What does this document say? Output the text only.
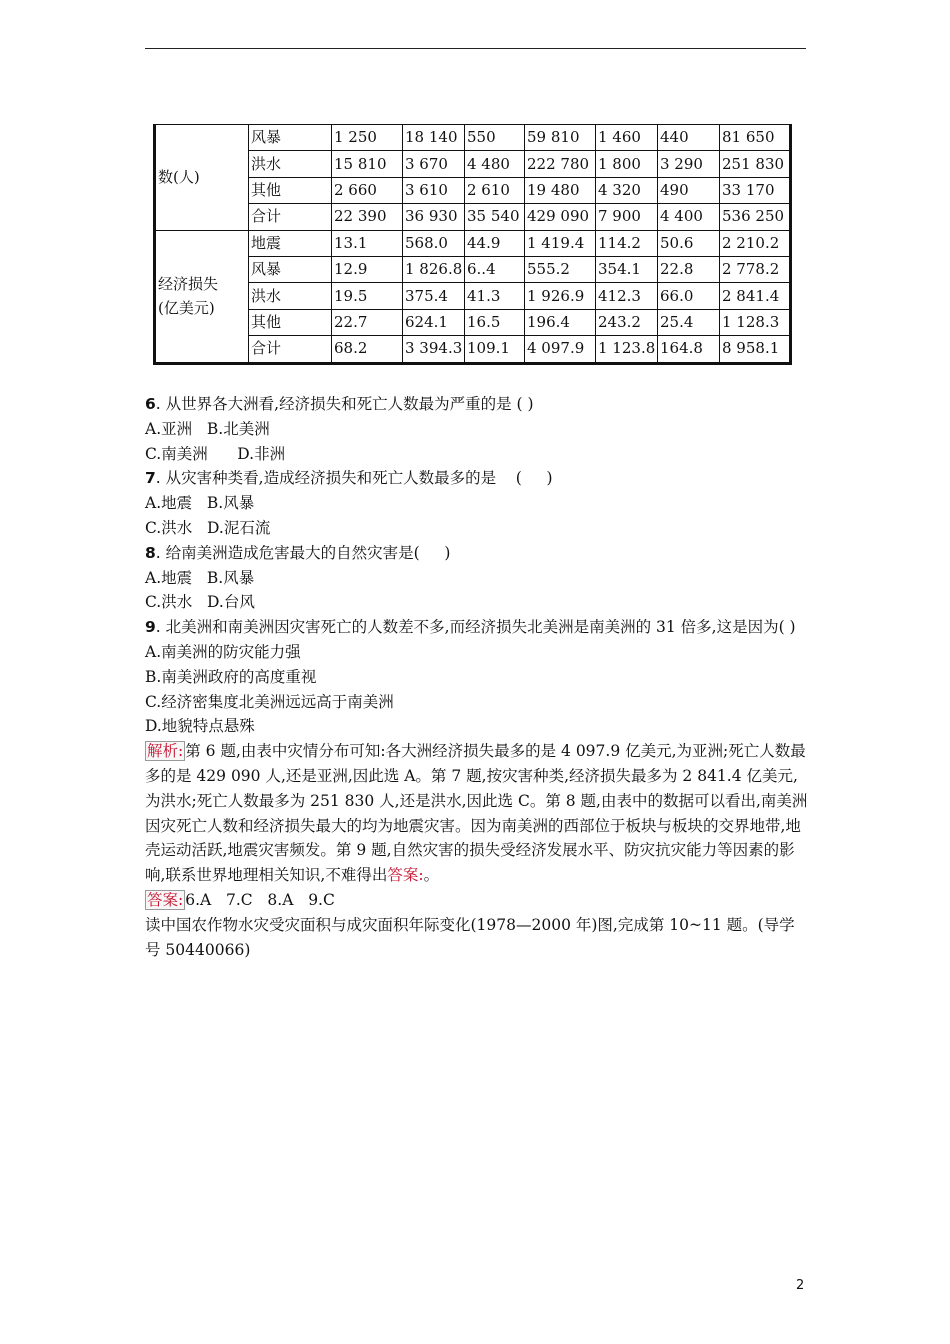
数(人)	风暴	1 250	18 140	550	59 810	1 460	440	81 650
	洪水	15 810	3 670	4 480	222 780	1 800	3 290	251 830
	其他	2 660	3 610	2 610	19 480	4 320	490	33 170
	合计	22 390	36 930	35 540	429 090	7 900	4 400	536 250
经济损失
(亿美元)	地震	13.1	568.0	44.9	1 419.4	114.2	50.6	2 210.2
	风暴	12.9	1 826.8	6..4	555.2	354.1	22.8	2 778.2
	洪水	19.5	375.4	41.3	1 926.9	412.3	66.0	2 841.4
	其他	22.7	624.1	16.5	196.4	243.2	25.4	1 128.3
	合计	68.2	3 394.3	109.1	4 097.9	1 123.8	164.8	8 958.1

6. 从世界各大洲看,经济损失和死亡人数最为严重的是 ( )

A.亚洲   B.北美洲

C.南美洲      D.非洲

7. 从灾害种类看,造成经济损失和死亡人数最多的是    (     )

A.地震   B.风暴

C.洪水   D.泥石流

8. 给南美洲造成危害最大的自然灾害是(     )

A.地震   B.风暴

C.洪水   D.台风

9. 北美洲和南美洲因灾害死亡的人数差不多,而经济损失北美洲是南美洲的 31 倍多,这是因为( )

A.南美洲的防灾能力强

B.南美洲政府的高度重视

C.经济密集度北美洲远远高于南美洲

D.地貌特点悬殊

解析: 第 6 题,由表中灾情分布可知:各大洲经济损失最多的是 4 097.9 亿美元,为亚洲;死亡人数最多的是 429 090 人,还是亚洲,因此选 A。第 7 题,按灾害种类,经济损失最多为 2 841.4 亿美元,为洪水;死亡人数最多为 251 830 人,还是洪水,因此选 C。第 8 题,由表中的数据可以看出,南美洲因灾死亡人数和经济损失最大的均为地震灾害。因为南美洲的西部位于板块与板块的交界地带,地壳运动活跃,地震灾害频发。第 9 题,自然灾害的损失受经济发展水平、防灾抗灾能力等因素的影响,联系世界地理相关知识,不难得出答案:。

答案: 6.A   7.C   8.A   9.C

读中国农作物水灾受灾面积与成灾面积年际变化(1978—2000 年)图,完成第 10~11 题。(导学号 50440066)

2
